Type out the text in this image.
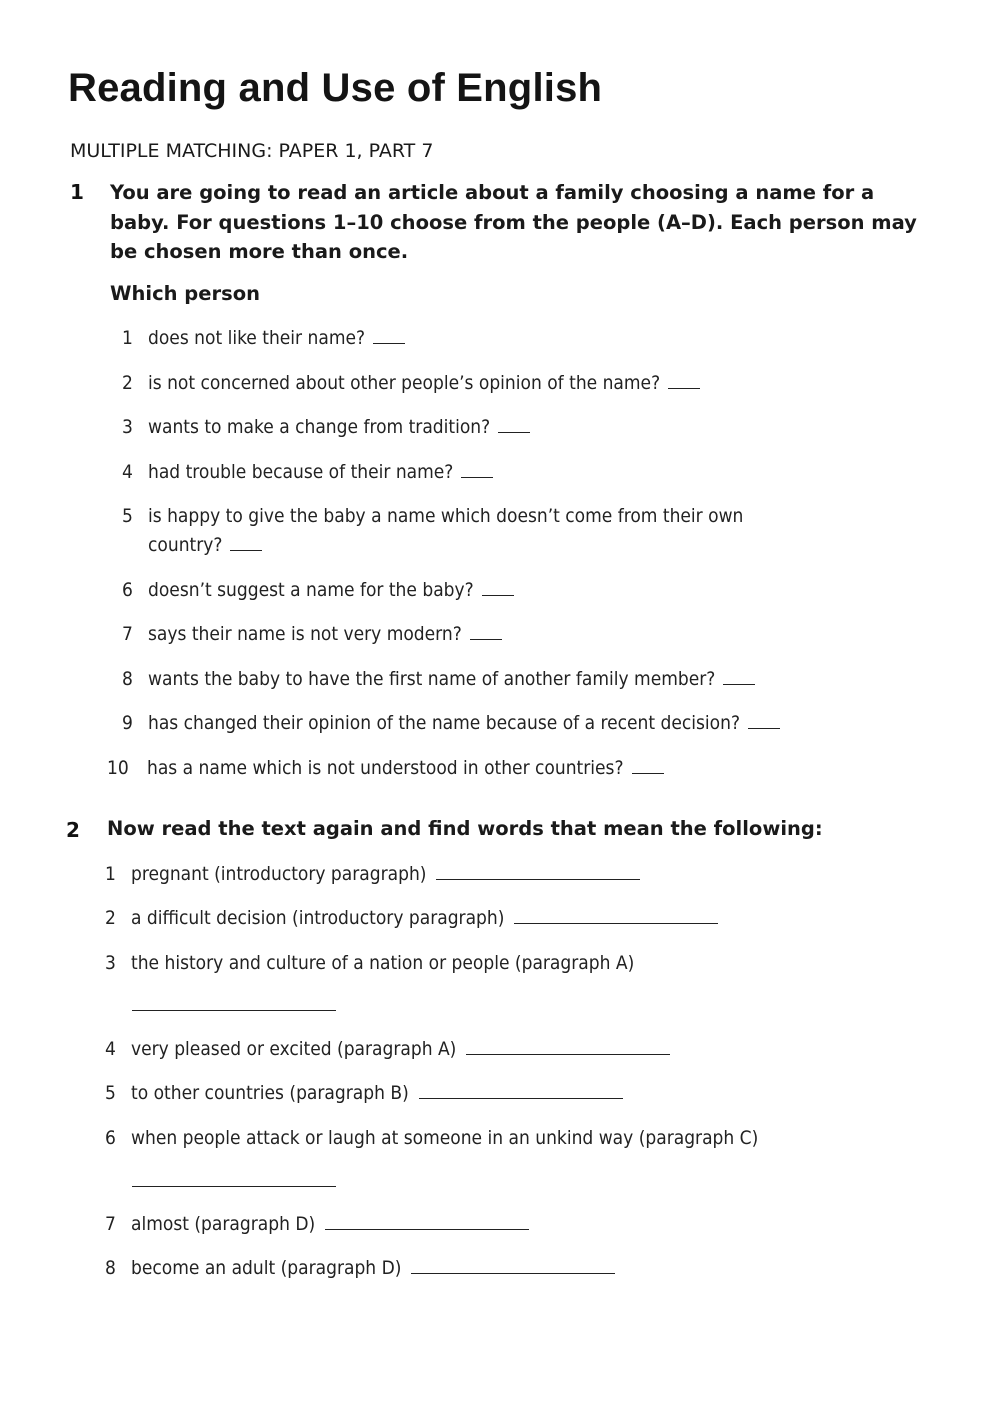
Reading and Use of English
MULTIPLE MATCHING: PAPER 1, PART 7
1 You are going to read an article about a family choosing a name for a baby. For questions 1–10 choose from the people (A–D). Each person may be chosen more than once.

Which person
1 does not like their name?
2 is not concerned about other people’s opinion of the name?
3 wants to make a change from tradition?
4 had trouble because of their name?
5 is happy to give the baby a name which doesn’t come from their own
country?
6 doesn’t suggest a name for the baby?
7 says their name is not very modern?
8 wants the baby to have the first name of another family member?
9 has changed their opinion of the name because of a recent decision?
10 has a name which is not understood in other countries?
2 Now read the text again and find words that mean the following:
1 pregnant (introductory paragraph)
2 a difficult decision (introductory paragraph)
3 the history and culture of a nation or people (paragraph A)
4 very pleased or excited (paragraph A)
5 to other countries (paragraph B)
6 when people attack or laugh at someone in an unkind way (paragraph C)
7 almost (paragraph D)
8 become an adult (paragraph D)
